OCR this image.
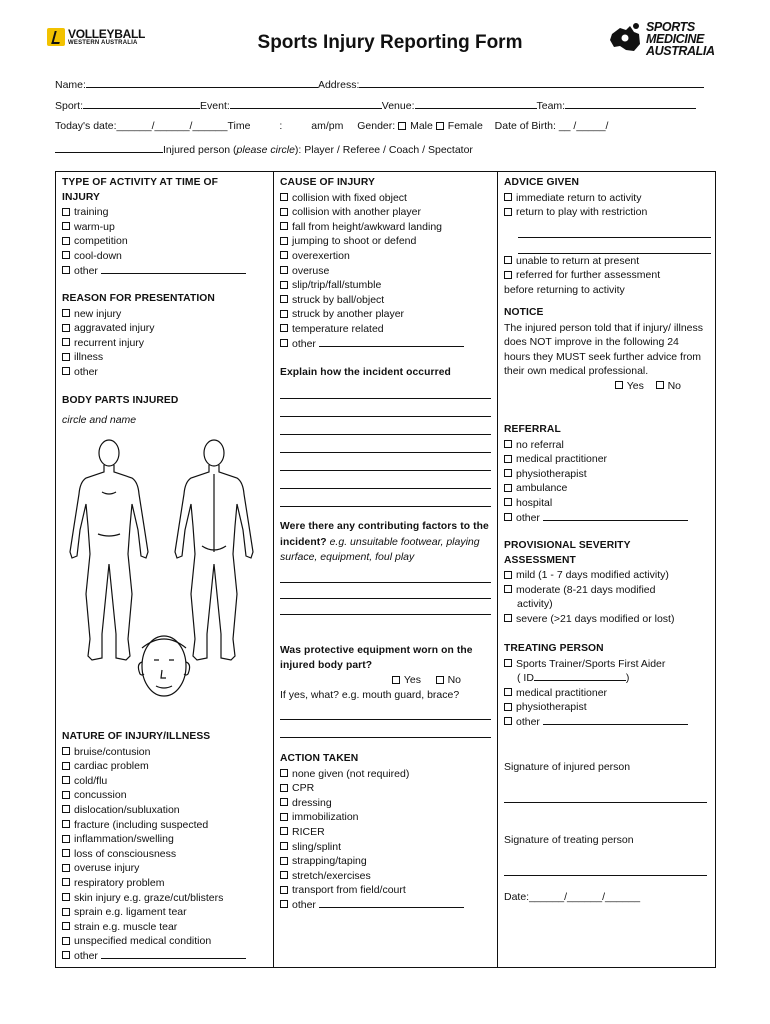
VOLLEYBALL
WESTERN AUSTRALIA	Sports Injury Reporting Form
SPORTS
MEDICINE
AUSTRALIA
Name:	Address:
Sport:	Event:	Venue:	Team:
Today's date:______/______/______Time	:	am/pm Gender: Male Female Date of Birth: __ /_____/
Injured person (please circle): Player / Referee / Coach / Spectator
TYPE OF ACTIVITY AT TIME OF
INJURY
training
warm-up
competition
cool-down
other
REASON FOR PRESENTATION
new injury
aggravated injury
recurrent injury
illness
other
BODY PARTS INJURED
circle and name
NATURE OF INJURY/ILLNESS
bruise/contusion
cardiac problem
cold/flu
concussion
dislocation/subluxation
fracture (including suspected
inflammation/swelling
loss of consciousness
overuse injury
respiratory problem
skin injury e.g. graze/cut/blisters
sprain e.g. ligament tear
strain e.g. muscle tear
unspecified medical condition
other
CAUSE OF INJURY
collision with fixed object
collision with another player
fall from height/awkward landing
jumping to shoot or defend
overexertion
overuse
slip/trip/fall/stumble
struck by ball/object
struck by another player
temperature related
other
Explain how the incident occurred
Were there any contributing factors to the incident? e.g. unsuitable footwear, playing surface, equipment, foul play
Was protective equipment worn on the injured body part?
Yes	No
If yes, what? e.g. mouth guard, brace?
ACTION TAKEN
none given (not required)
CPR
dressing
immobilization
RICER
sling/splint
strapping/taping
stretch/exercises
transport from field/court
other
ADVICE GIVEN
immediate return to activity
return to play with restriction
unable to return at present
referred for further assessment
before returning to activity
NOTICE
The injured person told that if injury/ illness does NOT improve in the following 24 hours they MUST seek further advice from their own medical professional.
Yes No
REFERRAL
no referral
medical practitioner
physiotherapist
ambulance
hospital
other
PROVISIONAL SEVERITY
ASSESSMENT
mild (1 - 7 days modified activity)
moderate (8-21 days modified
activity)
severe (>21 days modified or lost)
TREATING PERSON
Sports Trainer/Sports First Aider
( ID	)
medical practitioner
physiotherapist
other
Signature of injured person
Signature of treating person
Date:______/______/______
